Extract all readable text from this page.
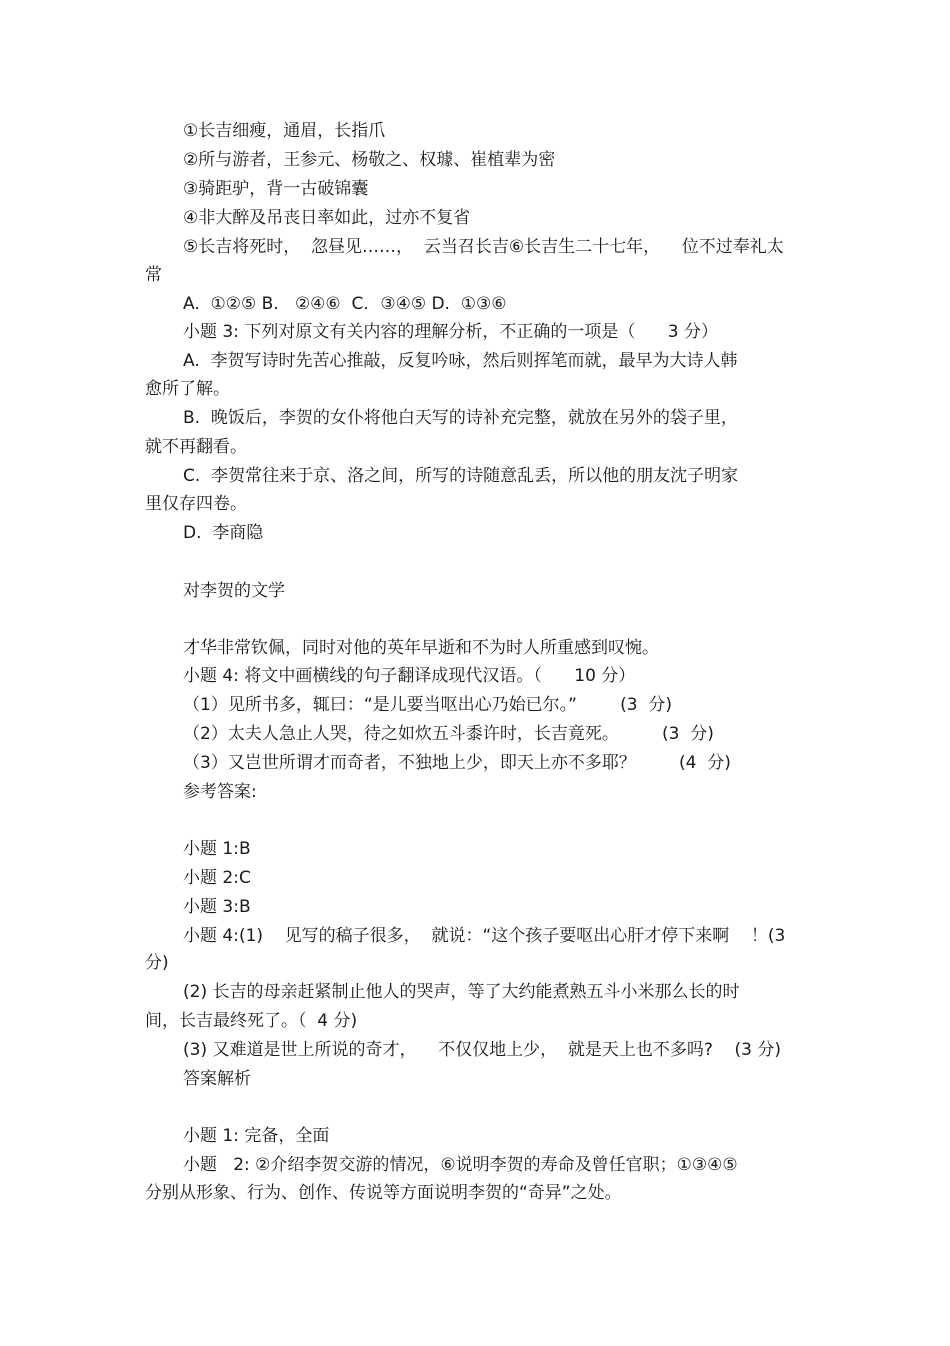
①长吉细瘦，通眉，长指爪
②所与游者，王参元、杨敬之、权璩、崔植辈为密
③骑距驴，背一古破锦囊
④非大醉及吊丧日率如此，过亦不复省
⑤长吉将死时，  忽昼见……，  云当召长吉⑥长吉生二十七年，    位不过奉礼太
常
A.  ①②⑤ B.   ②④⑥  C．③④⑤ D.  ①③⑥
小题 3: 下列对原文有关内容的理解分析，不正确的一项是（      3 分）
A.  李贺写诗时先苦心推敲，反复吟咏，然后则挥笔而就，最早为大诗人韩
愈所了解。
B.  晚饭后，李贺的女仆将他白天写的诗补充完整，就放在另外的袋子里，
就不再翻看。
C.  李贺常往来于京、洛之间，所写的诗随意乱丢，所以他的朋友沈子明家
里仅存四卷。
D.  李商隐
对李贺的文学
才华非常钦佩，同时对他的英年早逝和不为时人所重感到叹惋。
小题 4: 将文中画横线的句子翻译成现代汉语。（      10 分）
（1）见所书多，辄曰：“是儿要当呕出心乃始已尔。”        (3  分)
（2）太夫人急止人哭，待之如炊五斗黍许时，长吉竟死。        (3  分)
（3）又岂世所谓才而奇者，不独地上少，即天上亦不多耶？        (4  分)
参考答案:
小题 1:B
小题 2:C
小题 3:B
小题 4:(1)    见写的稿子很多，  就说：“这个孩子要呕出心肝才停下来啊    ！(3
分)
(2) 长吉的母亲赶紧制止他人的哭声，等了大约能煮熟五斗小米那么长的时
间，长吉最终死了。（  4 分)
(3) 又难道是世上所说的奇才，    不仅仅地上少，  就是天上也不多吗?    (3 分)
答案解析
小题 1: 完备，全面
小题   2: ②介绍李贺交游的情况，⑥说明李贺的寿命及曾任官职；①③④⑤
分别从形象、行为、创作、传说等方面说明李贺的“奇异”之处。
